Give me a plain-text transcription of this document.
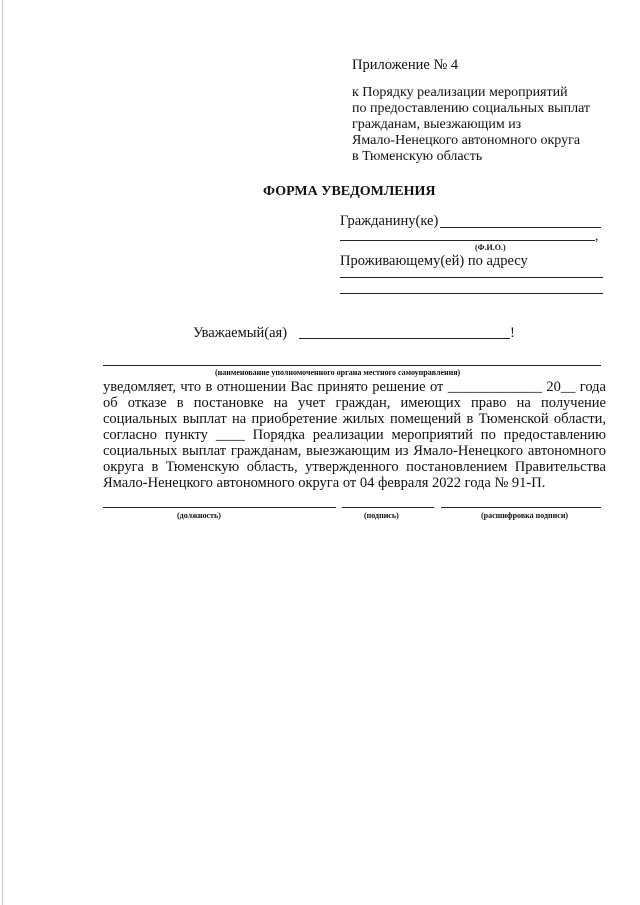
Приложение № 4
к Порядку реализации мероприятий
по предоставлению социальных выплат
гражданам, выезжающим из
Ямало-Ненецкого автономного округа
в Тюменскую область
ФОРМА УВЕДОМЛЕНИЯ
Гражданину(ке)
,
(Ф.И.О.)
Проживающему(ей) по адресу
Уважаемый(ая)	!
(наименование уполномоченного органа местного самоуправления)
уведомляет, что в отношении Вас принято решение от _____________ 20__ года
об отказе в постановке на учет граждан, имеющих право на получение
социальных выплат на приобретение жилых помещений в Тюменской области,
согласно пункту ____ Порядка реализации мероприятий по предоставлению
социальных выплат гражданам, выезжающим из Ямало-Ненецкого автономного
округа в Тюменскую область, утвержденного постановлением Правительства
Ямало-Ненецкого автономного округа от 04 февраля 2022 года № 91-П.
(должность)	(подпись)	(расшифровка подписи)
